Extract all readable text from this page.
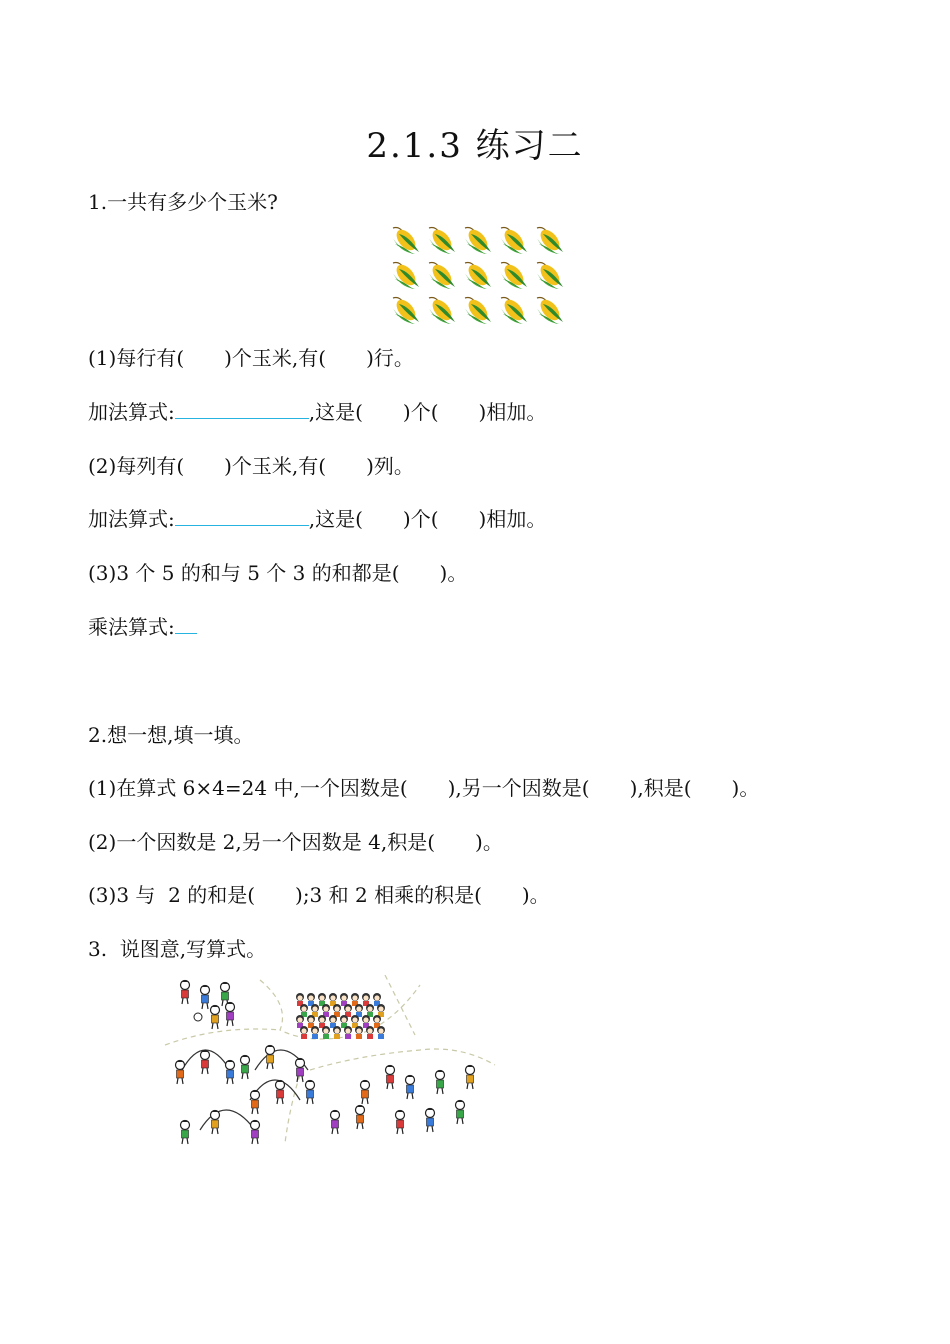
2.1.3 练习二
1.一共有多少个玉米?
(1)每行有(　　)个玉米,有(　　)行。
加法算式:	,这是(　　)个(　　)相加。
(2)每列有(　　)个玉米,有(　　)列。
加法算式:	,这是(　　)个(　　)相加。
(3)3 个 5 的和与 5 个 3 的和都是(　　)。
乘法算式:
2.想一想,填一填。
(1)在算式 6×4=24 中,一个因数是(　　),另一个因数是(　　),积是(　　)。
(2)一个因数是 2,另一个因数是 4,积是(　　)。
(3)3 与  2 的和是(　　);3 和 2 相乘的积是(　　)。
3.  说图意,写算式。
